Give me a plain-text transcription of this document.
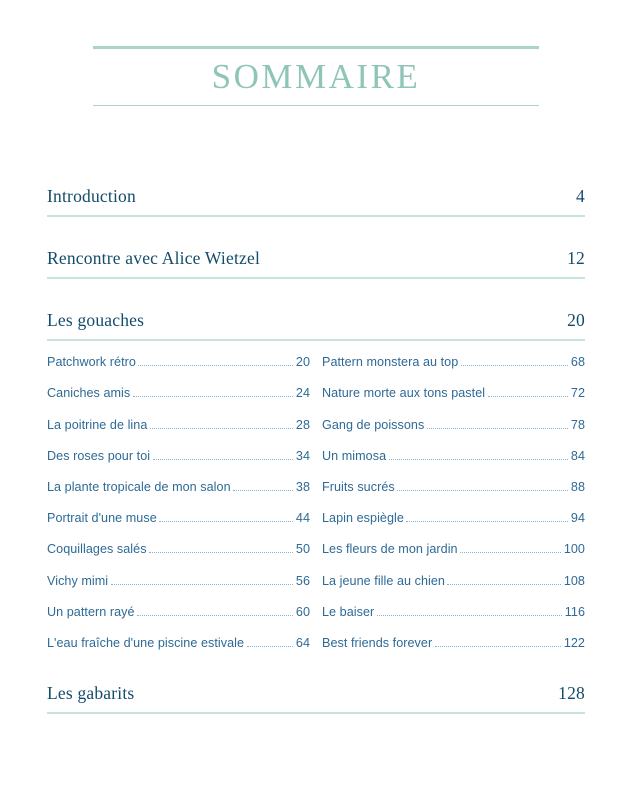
SOMMAIRE
Introduction	4
Rencontre avec Alice Wietzel	12
Les gouaches	20
Patchwork rétro	20
Caniches amis	24
La poitrine de lina	28
Des roses pour toi	34
La plante tropicale de mon salon	38
Portrait d'une muse	44
Coquillages salés	50
Vichy mimi	56
Un pattern rayé	60
L'eau fraîche d'une piscine estivale	64
Pattern monstera au top	68
Nature morte aux tons pastel	72
Gang de poissons	78
Un mimosa	84
Fruits sucrés	88
Lapin espiègle	94
Les fleurs de mon jardin	100
La jeune fille au chien	108
Le baiser	116
Best friends forever	122
Les gabarits	128
